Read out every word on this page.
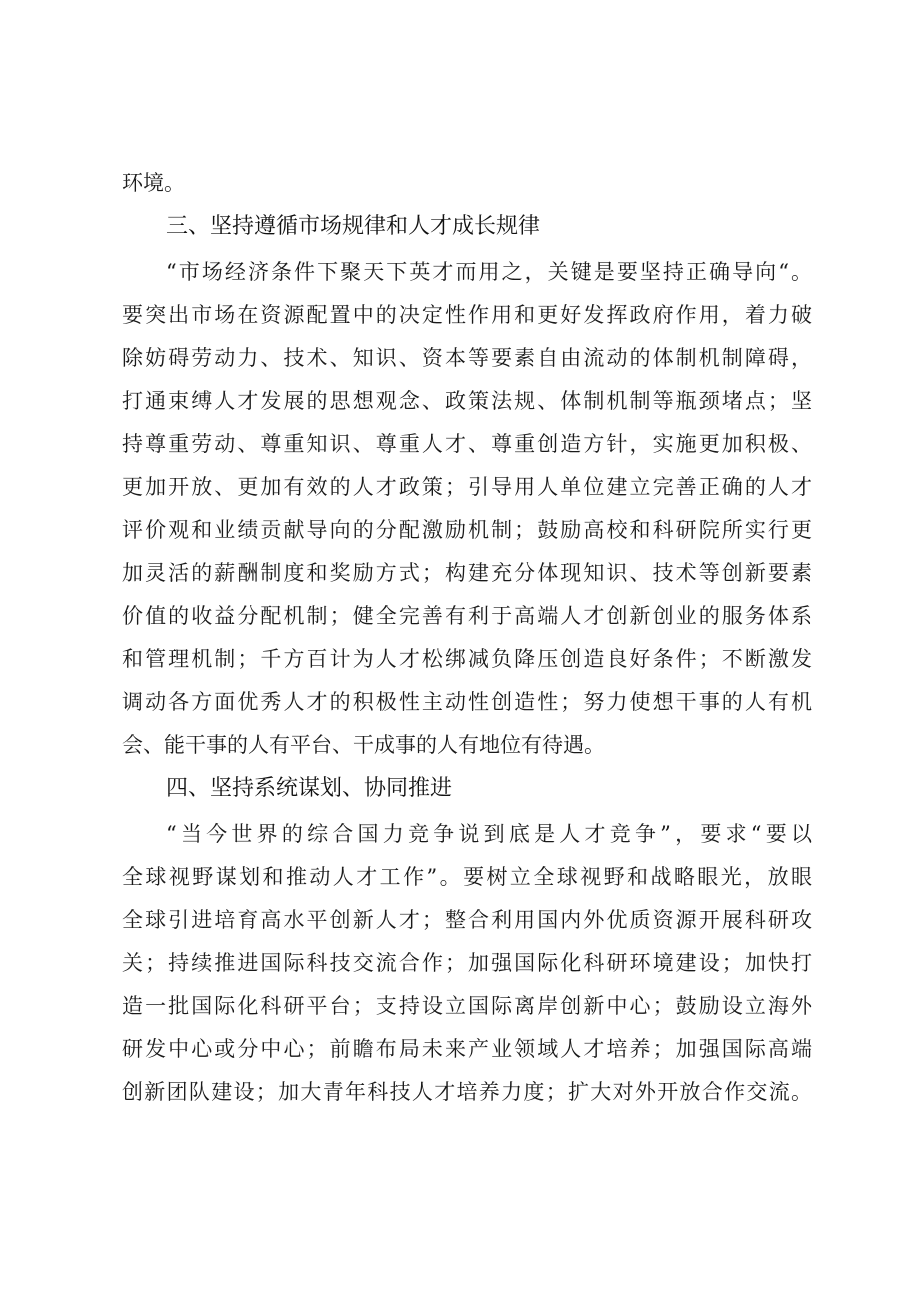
环境。
三、坚持遵循市场规律和人才成长规律
“市场经济条件下聚天下英才而用之，关键是要坚持正确导向“。
要突出市场在资源配置中的决定性作用和更好发挥政府作用，着力破
除妨碍劳动力、技术、知识、资本等要素自由流动的体制机制障碍，
打通束缚人才发展的思想观念、政策法规、体制机制等瓶颈堵点；坚
持尊重劳动、尊重知识、尊重人才、尊重创造方针，实施更加积极、
更加开放、更加有效的人才政策；引导用人单位建立完善正确的人才
评价观和业绩贡献导向的分配激励机制；鼓励高校和科研院所实行更
加灵活的薪酬制度和奖励方式；构建充分体现知识、技术等创新要素
价值的收益分配机制；健全完善有利于高端人才创新创业的服务体系
和管理机制；千方百计为人才松绑减负降压创造良好条件；不断激发
调动各方面优秀人才的积极性主动性创造性；努力使想干事的人有机
会、能干事的人有平台、干成事的人有地位有待遇。
四、坚持系统谋划、协同推进
“当今世界的综合国力竞争说到底是人才竞争”，要求“要以
全球视野谋划和推动人才工作”。要树立全球视野和战略眼光，放眼
全球引进培育高水平创新人才；整合利用国内外优质资源开展科研攻
关；持续推进国际科技交流合作；加强国际化科研环境建设；加快打
造一批国际化科研平台；支持设立国际离岸创新中心；鼓励设立海外
研发中心或分中心；前瞻布局未来产业领域人才培养；加强国际高端
创新团队建设；加大青年科技人才培养力度；扩大对外开放合作交流。
